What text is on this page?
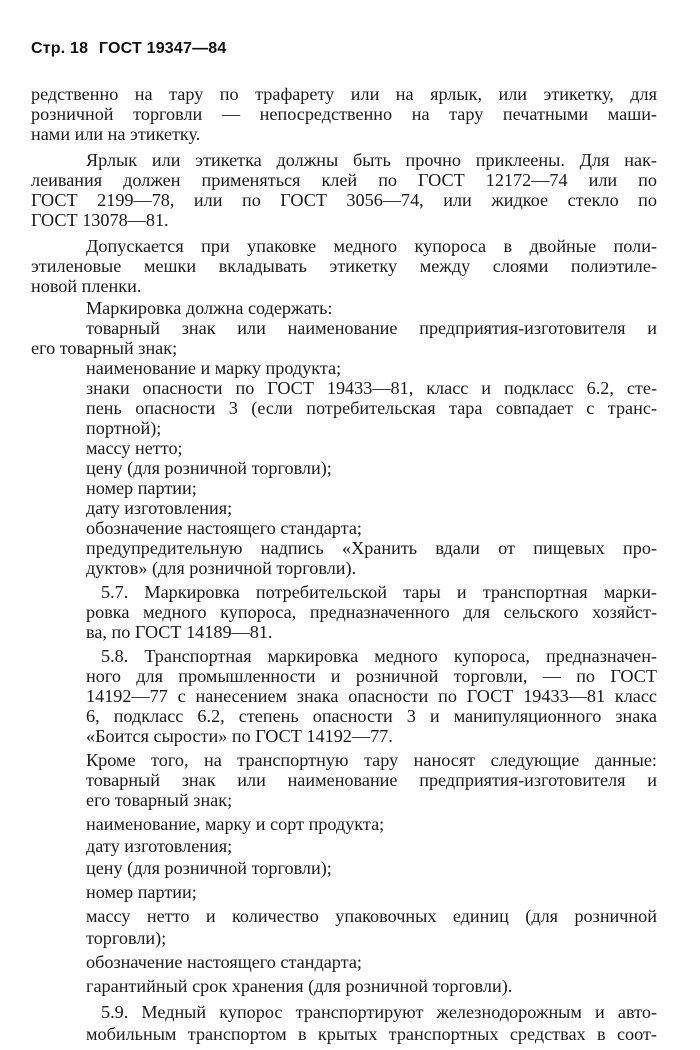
Стр. 18 ГОСТ 19347—84
редственно на тару по трафарету или на ярлык, или этикетку, для
розничной торговли — непосредственно на тару печатными маши-
нами или на этикетку.
Ярлык или этикетка должны быть прочно приклеены. Для нак-
леивания должен применяться клей по ГОСТ 12172—74 или по
ГОСТ 2199—78, или по ГОСТ 3056—74, или жидкое стекло по
ГОСТ 13078—81.
Допускается при упаковке медного купороса в двойные поли-
этиленовые мешки вкладывать этикетку между слоями полиэтиле-
новой пленки.
Маркировка должна содержать:
товарный знак или наименование предприятия-изготовителя и
его товарный знак;
наименование и марку продукта;
знаки опасности по ГОСТ 19433—81, класс и подкласс 6.2, сте-
пень опасности 3 (если потребительская тара совпадает с транс-
портной);
массу нетто;
цену (для розничной торговли);
номер партии;
дату изготовления;
обозначение настоящего стандарта;
предупредительную надпись «Хранить вдали от пищевых про-
дуктов» (для розничной торговли).
5.7. Маркировка потребительской тары и транспортная марки-
ровка медного купороса, предназначенного для сельского хозяйст-
ва, по ГОСТ 14189—81.
5.8. Транспортная маркировка медного купороса, предназначен-
ного для промышленности и розничной торговли, — по ГОСТ
14192—77 с нанесением знака опасности по ГОСТ 19433—81 класс
6, подкласс 6.2, степень опасности 3 и манипуляционного знака
«Боится сырости» по ГОСТ 14192—77.
Кроме того, на транспортную тару наносят следующие данные:
товарный знак или наименование предприятия-изготовителя и
его товарный знак;
наименование, марку и сорт продукта;
дату изготовления;
цену (для розничной торговли);
номер партии;
массу нетто и количество упаковочных единиц (для розничной
торговли);
обозначение настоящего стандарта;
гарантийный срок хранения (для розничной торговли).
5.9. Медный купорос транспортируют железнодорожным и авто-
мобильным транспортом в крытых транспортных средствах в соот-
